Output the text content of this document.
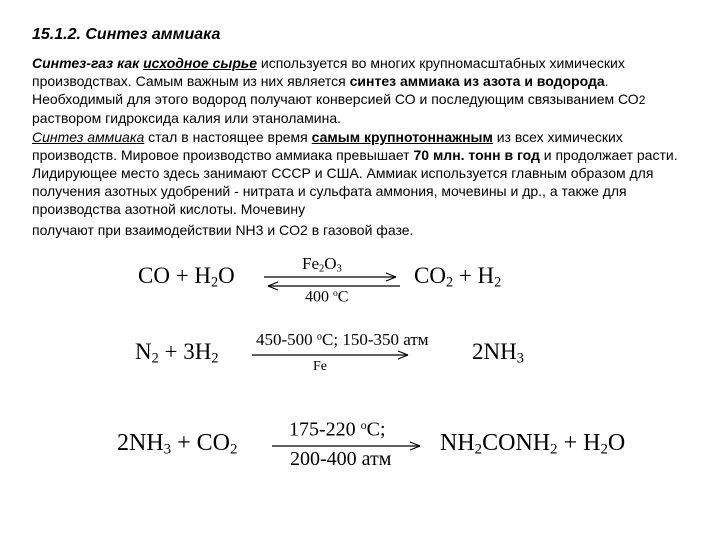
15.1.2. Синтез аммиака
Синтез-газ как исходное сырье используется во многих крупномасштабных химических производствах. Самым важным из них является синтез аммиака из азота и водорода. Необходимый для этого водород получают конверсией СО и последующим связыванием СО2 раствором гидроксида калия или этаноламина.
Синтез аммиака стал в настоящее время самым крупнотоннажным из всех химических производств. Мировое производство аммиака превышает 70 млн. тонн в год и продолжает расти. Лидирующее место здесь занимают СССР и США. Аммиак используется главным образом для получения азотных удобрений - нитрата и сульфата аммония, мочевины и др., а также для производства азотной кислоты. Мочевину
получают при взаимодействии NH3 и CO2 в газовой фазе.
CO + $H_2O$	$Fe_2O_3$
400 $^o$C
$CO_2 + H_2$
$N_2 + 3H_2$
450-500 $^o$C; 150-350 атм
Fe
$2NH_3$
$2NH_3 + CO_2$
175-220 $^o$C;
200-400 атм
$NH_2CONH_2 + H_2O$
